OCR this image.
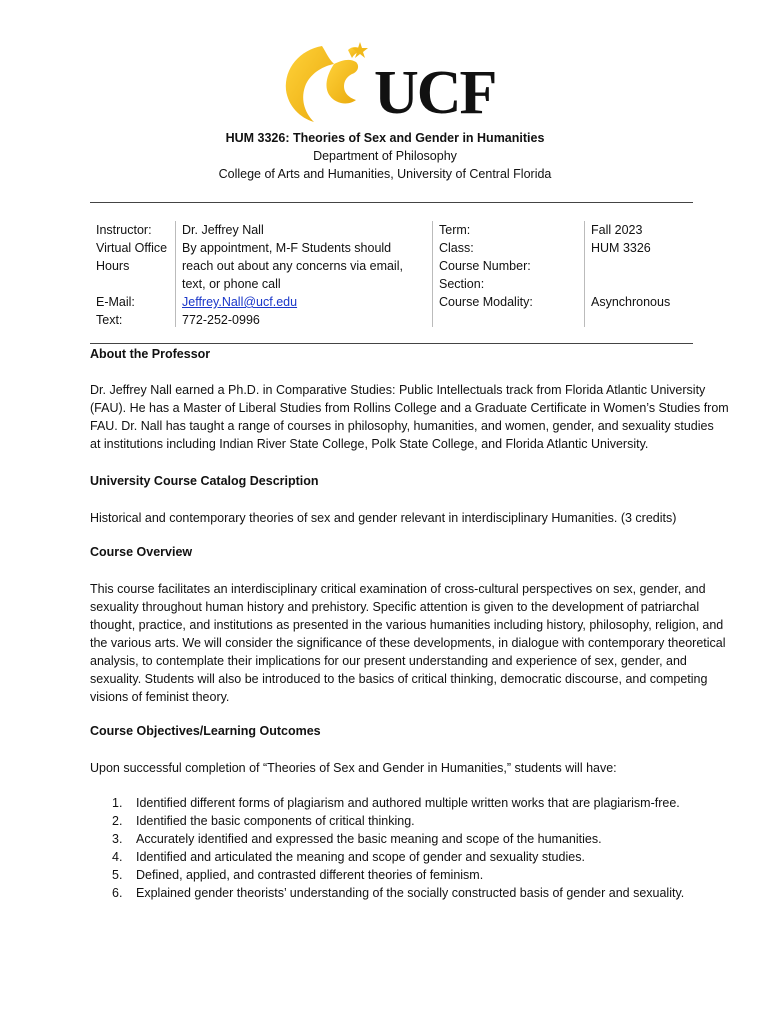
UCF
HUM 3326: Theories of Sex and Gender in Humanities
Department of Philosophy
College of Arts and Humanities, University of Central Florida
Instructor:
Virtual Office
Hours
E-Mail:
Text:
Dr. Jeffrey Nall
By appointment, M-F Students should
reach out about any concerns via email,
text, or phone call
Jeffrey.Nall@ucf.edu
772-252-0996
Term:
Class:
Course Number:
Section:
Course Modality:
Fall 2023
HUM 3326
Asynchronous
About the Professor
Dr. Jeffrey Nall earned a Ph.D. in Comparative Studies: Public Intellectuals track from Florida Atlantic University
(FAU). He has a Master of Liberal Studies from Rollins College and a Graduate Certificate in Women’s Studies from
FAU. Dr. Nall has taught a range of courses in philosophy, humanities, and women, gender, and sexuality studies
at institutions including Indian River State College, Polk State College, and Florida Atlantic University.
University Course Catalog Description
Historical and contemporary theories of sex and gender relevant in interdisciplinary Humanities. (3 credits)
Course Overview
This course facilitates an interdisciplinary critical examination of cross-cultural perspectives on sex, gender, and
sexuality throughout human history and prehistory. Specific attention is given to the development of patriarchal
thought, practice, and institutions as presented in the various humanities including history, philosophy, religion, and
the various arts. We will consider the significance of these developments, in dialogue with contemporary theoretical
analysis, to contemplate their implications for our present understanding and experience of sex, gender, and
sexuality. Students will also be introduced to the basics of critical thinking, democratic discourse, and competing
visions of feminist theory.
Course Objectives/Learning Outcomes
Upon successful completion of “Theories of Sex and Gender in Humanities,” students will have:
1. Identified different forms of plagiarism and authored multiple written works that are plagiarism-free.
2. Identified the basic components of critical thinking.
3. Accurately identified and expressed the basic meaning and scope of the humanities.
4. Identified and articulated the meaning and scope of gender and sexuality studies.
5. Defined, applied, and contrasted different theories of feminism.
6. Explained gender theorists’ understanding of the socially constructed basis of gender and sexuality.
